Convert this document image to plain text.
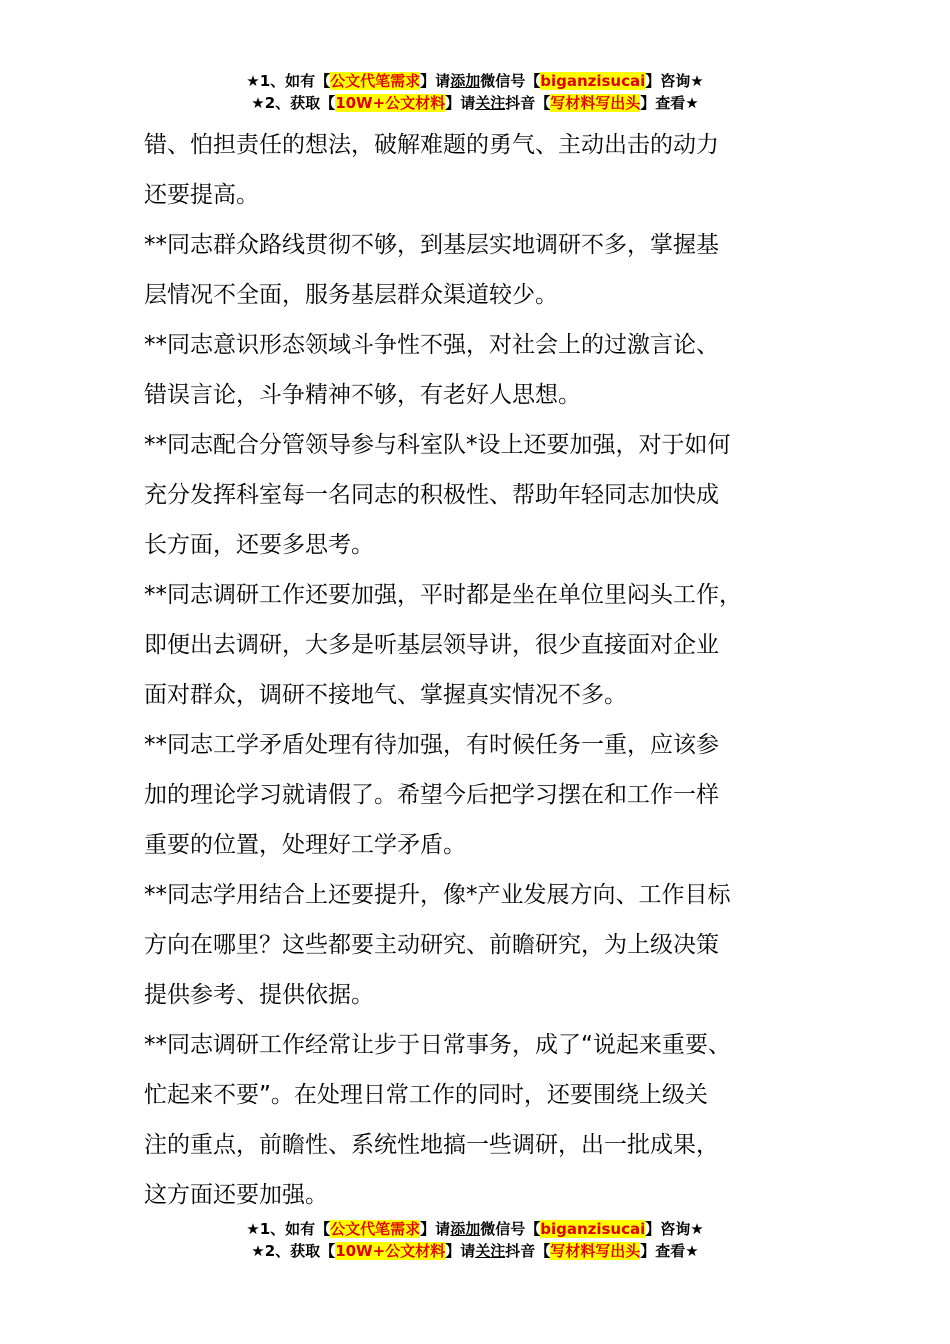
★1、如有【公文代笔需求】请添加微信号【biganzisucai】咨询★
★2、获取【10W+公文材料】请关注抖音【写材料写出头】查看★

错、怕担责任的想法，破解难题的勇气、主动出击的动力

还要提高。

**同志群众路线贯彻不够，到基层实地调研不多，掌握基

层情况不全面，服务基层群众渠道较少。

**同志意识形态领域斗争性不强，对社会上的过激言论、

错误言论，斗争精神不够，有老好人思想。

**同志配合分管领导参与科室队*设上还要加强，对于如何

充分发挥科室每一名同志的积极性、帮助年轻同志加快成

长方面，还要多思考。

**同志调研工作还要加强，平时都是坐在单位里闷头工作，

即便出去调研，大多是听基层领导讲，很少直接面对企业

面对群众，调研不接地气、掌握真实情况不多。

**同志工学矛盾处理有待加强，有时候任务一重，应该参

加的理论学习就请假了。希望今后把学习摆在和工作一样

重要的位置，处理好工学矛盾。

**同志学用结合上还要提升，像*产业发展方向、工作目标

方向在哪里？这些都要主动研究、前瞻研究，为上级决策

提供参考、提供依据。

**同志调研工作经常让步于日常事务，成了“说起来重要、

忙起来不要”。在处理日常工作的同时，还要围绕上级关

注的重点，前瞻性、系统性地搞一些调研，出一批成果，

这方面还要加强。

★1、如有【公文代笔需求】请添加微信号【biganzisucai】咨询★
★2、获取【10W+公文材料】请关注抖音【写材料写出头】查看★
